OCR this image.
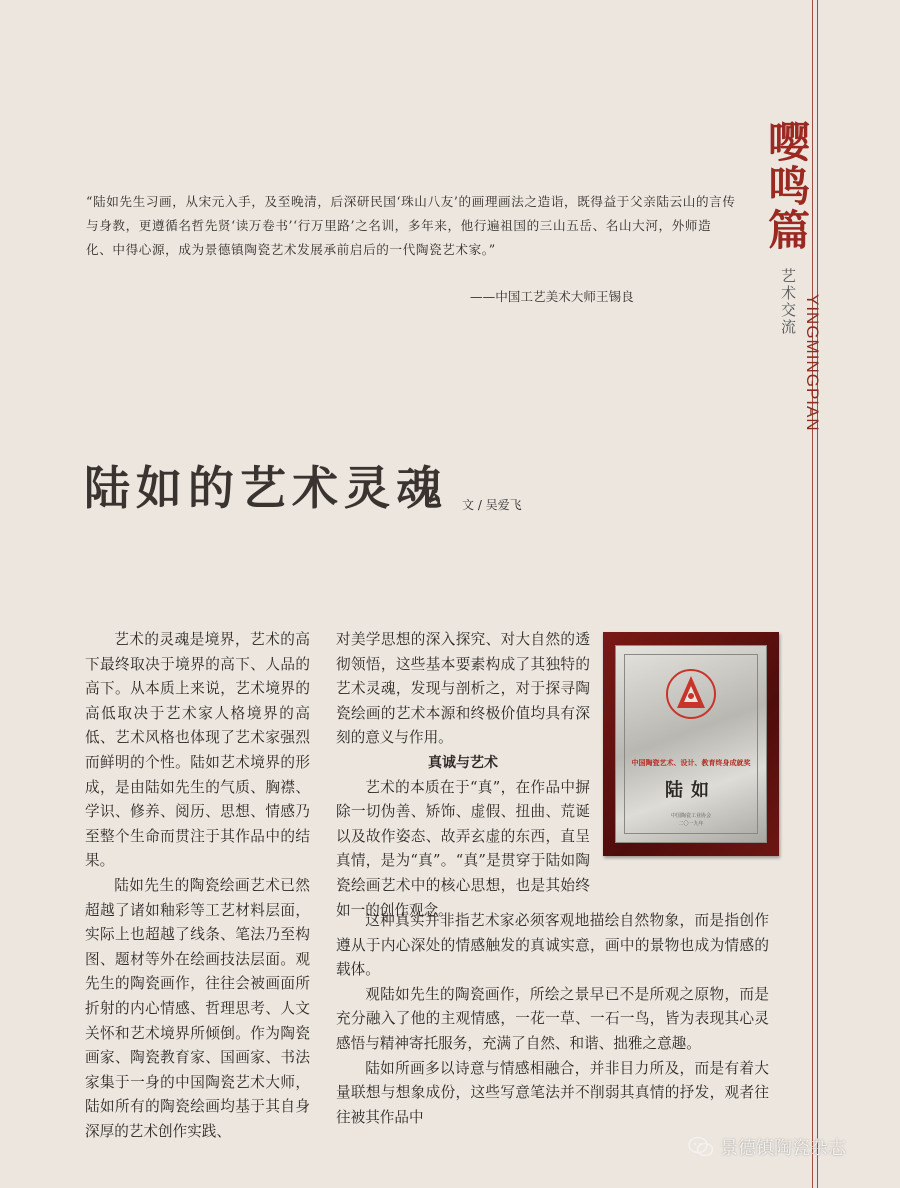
嘤鸣篇
艺术交流 YINGMINGPIAN
“陆如先生习画，从宋元入手，及至晚清，后深研民国‘珠山八友’的画理画法之造诣，既得益于父亲陆云山的言传与身教，更遵循名哲先贤‘读万卷书’‘行万里路’之名训，多年来，他行遍祖国的三山五岳、名山大河，外师造化、中得心源，成为景德镇陶瓷艺术发展承前启后的一代陶瓷艺术家。”
——中国工艺美术大师王锡良
陆如的艺术灵魂 文 / 吴爱飞

艺术的灵魂是境界，艺术的高下最终取决于境界的高下、人品的高下。从本质上来说，艺术境界的高低取决于艺术家人格境界的高低、艺术风格也体现了艺术家强烈而鲜明的个性。陆如艺术境界的形成，是由陆如先生的气质、胸襟、学识、修养、阅历、思想、情感乃至整个生命而贯注于其作品中的结果。

陆如先生的陶瓷绘画艺术已然超越了诸如釉彩等工艺材料层面，实际上也超越了线条、笔法乃至构图、题材等外在绘画技法层面。观先生的陶瓷画作，往往会被画面所折射的内心情感、哲理思考、人文关怀和艺术境界所倾倒。作为陶瓷画家、陶瓷教育家、国画家、书法家集于一身的中国陶瓷艺术大师，陆如所有的陶瓷绘画均基于其自身深厚的艺术创作实践、

对美学思想的深入探究、对大自然的透彻领悟，这些基本要素构成了其独特的艺术灵魂，发现与剖析之，对于探寻陶瓷绘画的艺术本源和终极价值均具有深刻的意义与作用。

真诚与艺术

艺术的本质在于“真”，在作品中摒除一切伪善、矫饰、虚假、扭曲、荒诞以及故作姿态、故弄玄虚的东西，直呈真情，是为“真”。“真”是贯穿于陆如陶瓷绘画艺术中的核心思想，也是其始终如一的创作观念。

这种真实并非指艺术家必须客观地描绘自然物象，而是指创作遵从于内心深处的情感触发的真诚实意，画中的景物也成为情感的载体。

观陆如先生的陶瓷画作，所绘之景早已不是所观之原物，而是充分融入了他的主观情感，一花一草、一石一鸟，皆为表现其心灵感悟与精神寄托服务，充满了自然、和谐、拙雅之意趣。

陆如所画多以诗意与情感相融合，并非目力所及，而是有着大量联想与想象成份，这些写意笔法并不削弱其真情的抒发，观者往往被其作品中

中国陶瓷艺术、设计、教育终身成就奖
陆如
中国陶瓷工业协会
二〇一九年
景德镇陶瓷杂志
